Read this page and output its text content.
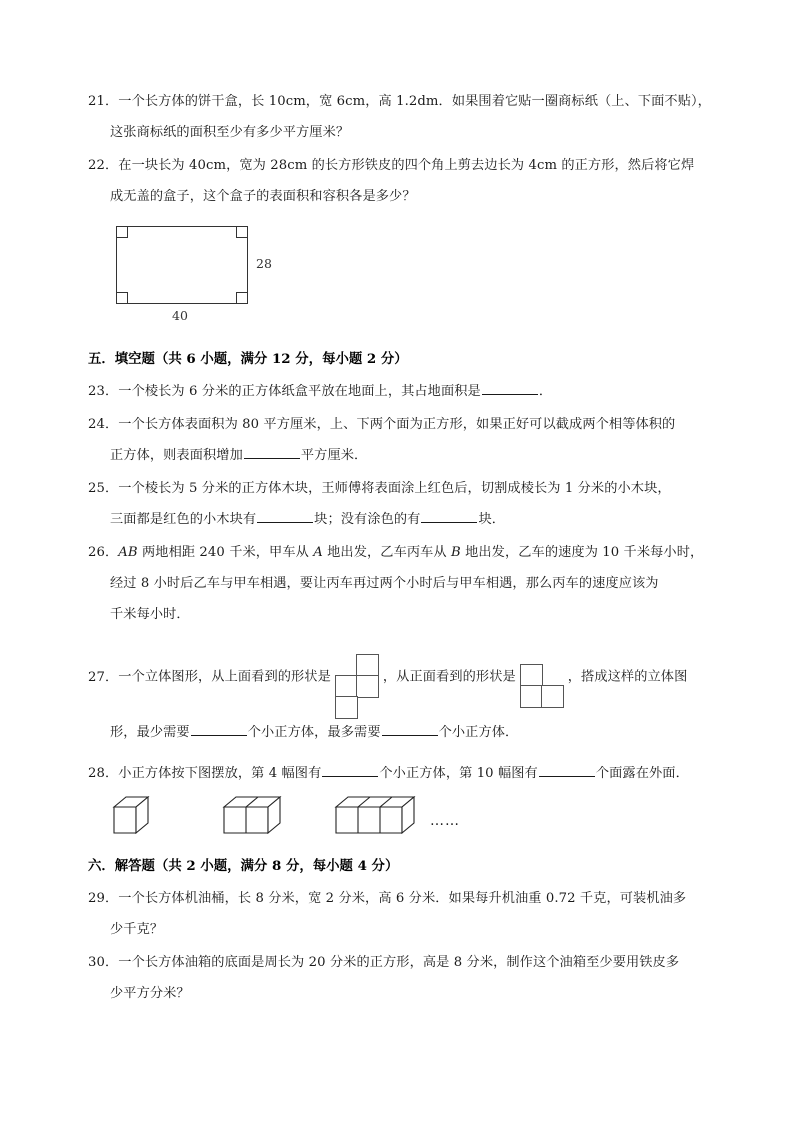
21．一个长方体的饼干盒，长 10cm，宽 6cm，高 1.2dm．如果围着它贴一圈商标纸（上、下面不贴），
这张商标纸的面积至少有多少平方厘米？
22．在一块长为 40cm，宽为 28cm 的长方形铁皮的四个角上剪去边长为 4cm 的正方形，然后将它焊
成无盖的盒子，这个盒子的表面积和容积各是多少？
28
40
五．填空题（共 6 小题，满分 12 分，每小题 2 分）
23．一个棱长为 6 分米的正方体纸盒平放在地面上，其占地面积是	．
24．一个长方体表面积为 80 平方厘米，上、下两个面为正方形，如果正好可以截成两个相等体积的
正方体，则表面积增加	平方厘米．
25．一个棱长为 5 分米的正方体木块，王师傅将表面涂上红色后，切割成棱长为 1 分米的小木块，
三面都是红色的小木块有	块；没有涂色的有	块．
26．AB 两地相距 240 千米，甲车从 A 地出发，乙车丙车从 B 地出发，乙车的速度为 10 千米每小时，
经过 8 小时后乙车与甲车相遇，要让丙车再过两个小时后与甲车相遇，那么丙车的速度应该为
千米每小时．
27．一个立体图形，从上面看到的形状是	，从正面看到的形状是	，搭成这样的立体图
形，最少需要	个小正方体，最多需要	个小正方体．
28．小正方体按下图摆放，第 4 幅图有	个小正方体，第 10 幅图有	个面露在外面．
……
六．解答题（共 2 小题，满分 8 分，每小题 4 分）
29．一个长方体机油桶，长 8 分米，宽 2 分米，高 6 分米．如果每升机油重 0.72 千克，可装机油多
少千克？
30．一个长方体油箱的底面是周长为 20 分米的正方形，高是 8 分米，制作这个油箱至少要用铁皮多
少平方分米？
